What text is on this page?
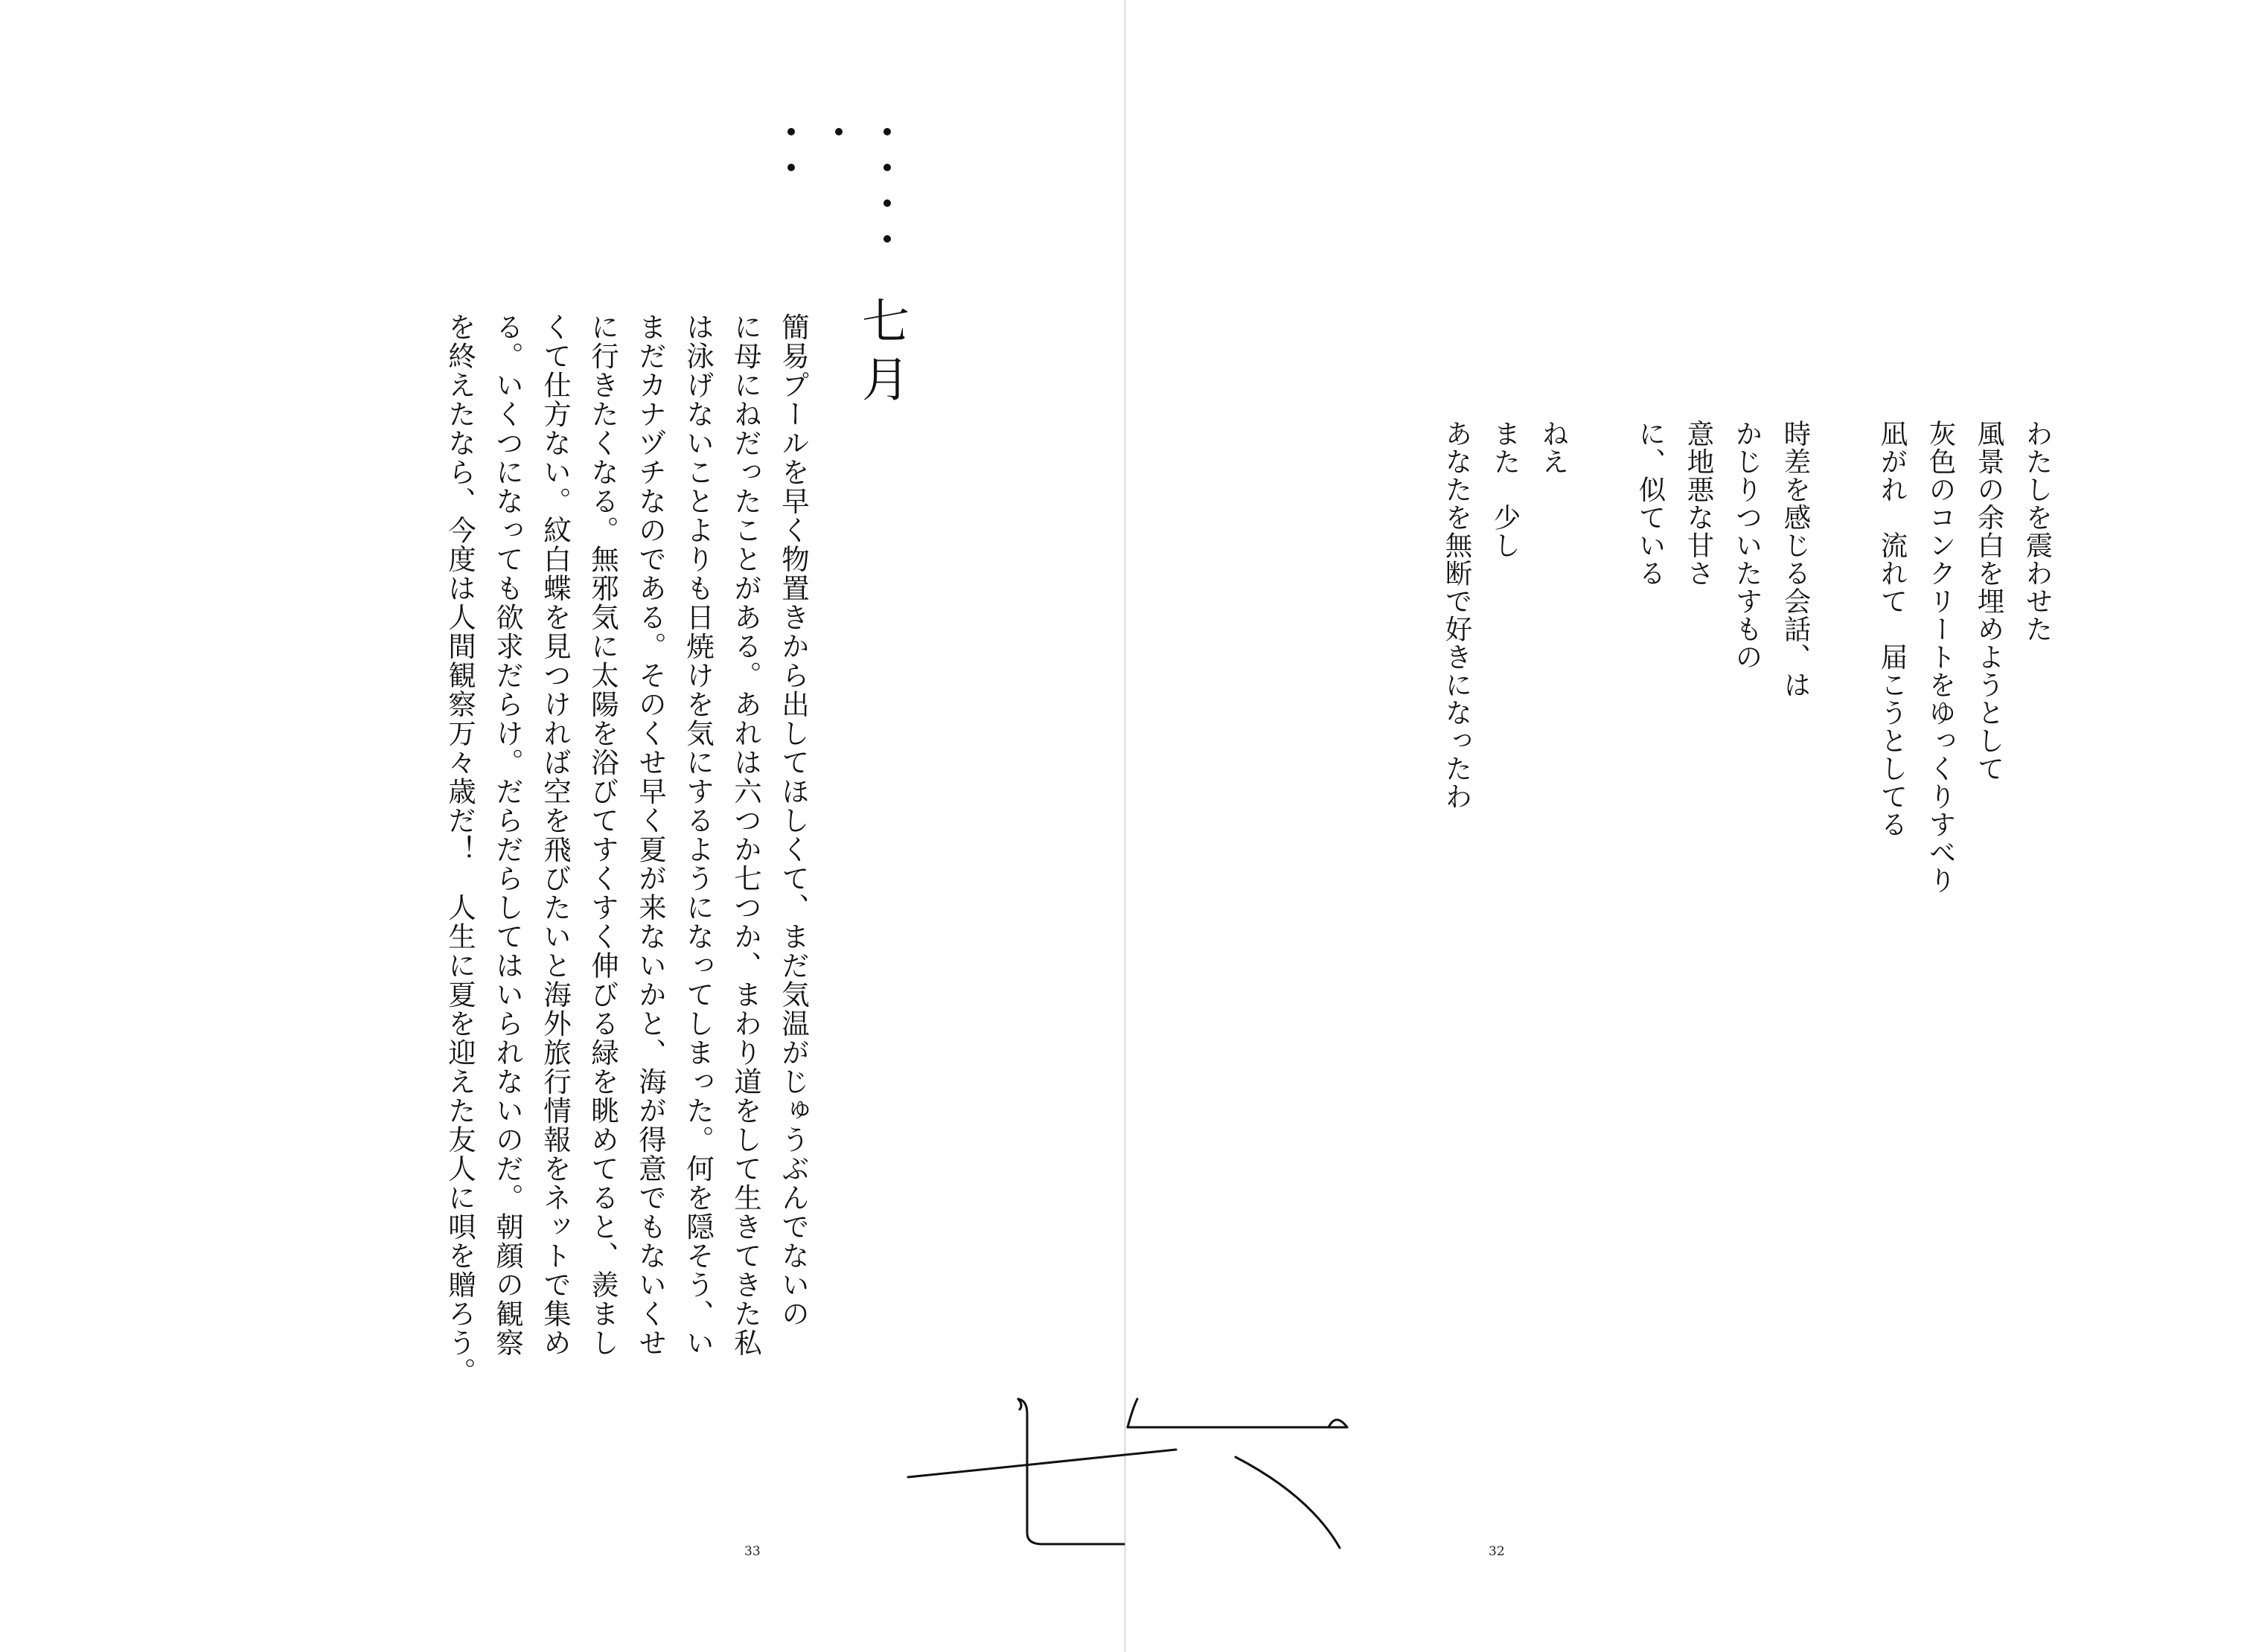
七月

簡易プールを早く物置きから出してほしくて、まだ気温がじゅうぶんでないの

に母にねだったことがある。あれは六つか七つか、まわり道をして生きてきた私

は泳げないことよりも日焼けを気にするようになってしまった。何を隠そう、い

まだカナヅチなのである。そのくせ早く夏が来ないかと、海が得意でもないくせ

に行きたくなる。無邪気に太陽を浴びてすくすく伸びる緑を眺めてると、羨まし

くて仕方ない。紋白蝶を見つければ空を飛びたいと海外旅行情報をネットで集め

る。いくつになっても欲求だらけ。だらだらしてはいられないのだ。朝顔の観察

を終えたなら、今度は人間観察万々歳だ！　人生に夏を迎えた友人に唄を贈ろう。

33
わたしを震わせた
風景の余白を埋めようとして
灰色のコンクリートをゆっくりすべり
凪がれ　流れて　届こうとしてる
時差を感じる会話、は
かじりついたすもの
意地悪な甘さ
に、似ている
ねえ
また　少し
あなたを無断で好きになったわ
32
